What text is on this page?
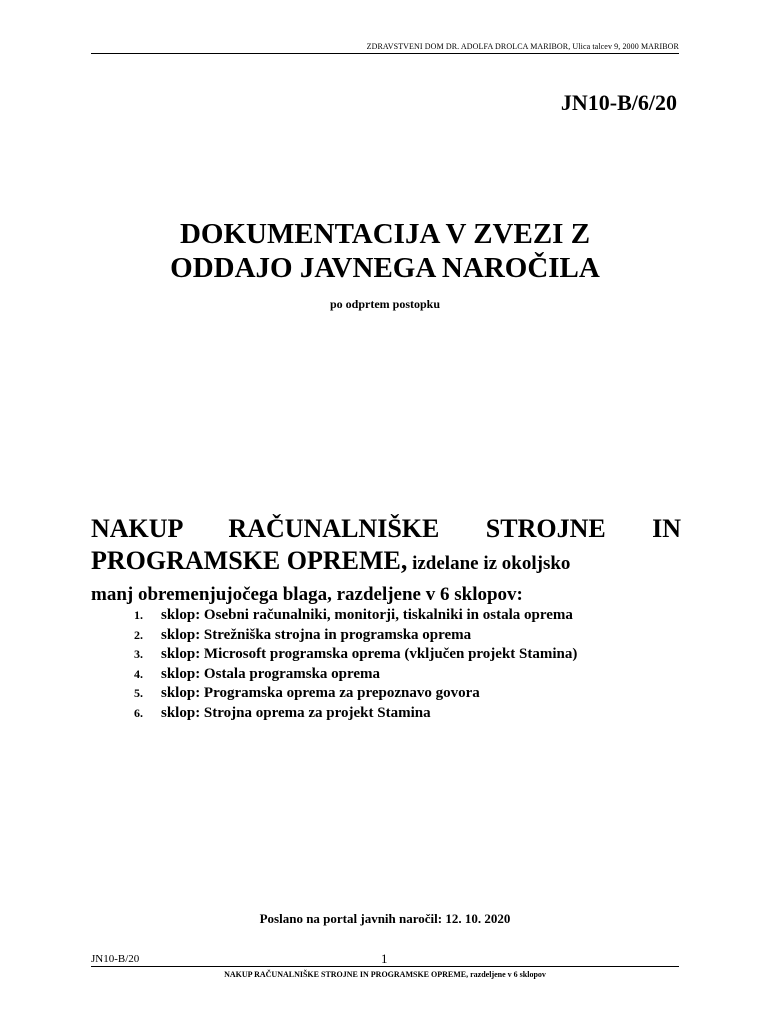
ZDRAVSTVENI DOM DR. ADOLFA DROLCA MARIBOR, Ulica talcev 9, 2000 MARIBOR
JN10-B/6/20
DOKUMENTACIJA V ZVEZI Z
ODDAJO JAVNEGA NAROČILA
po odprtem postopku
NAKUP RAČUNALNIŠKE STROJNE IN
PROGRAMSKE OPREME, izdelane iz okoljsko
manj obremenjujočega blaga, razdeljene v 6 sklopov:
1. sklop: Osebni računalniki, monitorji, tiskalniki in ostala oprema
2. sklop: Strežniška strojna in programska oprema
3. sklop: Microsoft programska oprema (vključen projekt Stamina)
4. sklop: Ostala programska oprema
5. sklop: Programska oprema za prepoznavo govora
6. sklop: Strojna oprema za projekt Stamina
Poslano na portal javnih naročil: 12. 10. 2020
JN10-B/20	1
NAKUP RAČUNALNIŠKE STROJNE IN PROGRAMSKE OPREME, razdeljene v 6 sklopov
